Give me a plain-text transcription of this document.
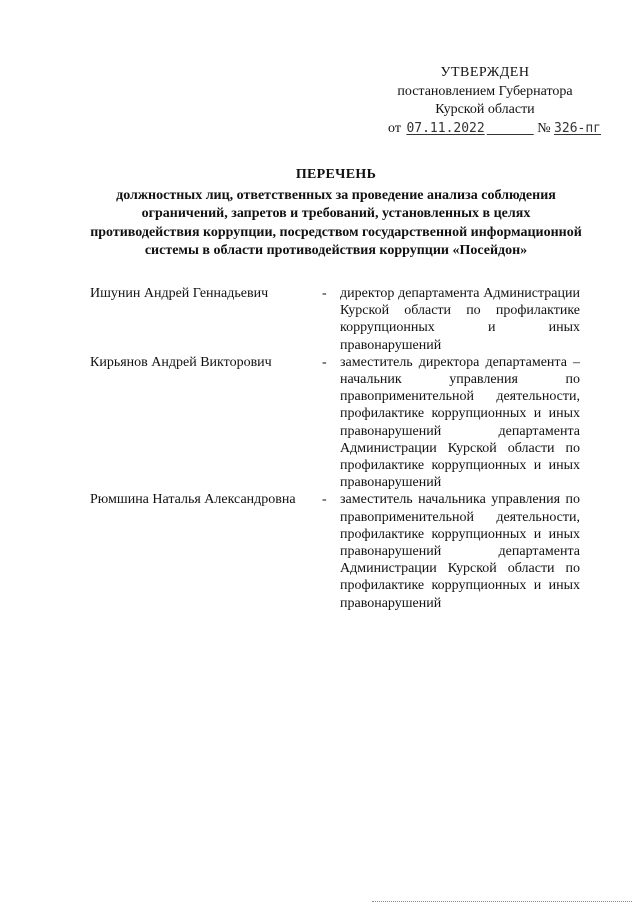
УТВЕРЖДЕН
постановлением Губернатора
Курской области
от 07.11.2022	№ 326-пг
ПЕРЕЧЕНЬ
должностных лиц, ответственных за проведение анализа соблюдения ограничений, запретов и требований, установленных в целях противодействия коррупции, посредством государственной информационной системы в области противодействия коррупции «Посейдон»
Ишунин Андрей Геннадьевич	- директор департамента Администрации Курской области по профилактике коррупционных и иных правонарушений
Кирьянов Андрей Викторович	- заместитель директора департамента – начальник управления по правоприменительной деятельности, профилактике коррупционных и иных правонарушений департамента Администрации Курской области по профилактике коррупционных и иных правонарушений
Рюмшина Наталья Александровна - заместитель начальника управления по правоприменительной деятельности, профилактике коррупционных и иных правонарушений департамента Администрации Курской области по профилактике коррупционных и иных правонарушений
